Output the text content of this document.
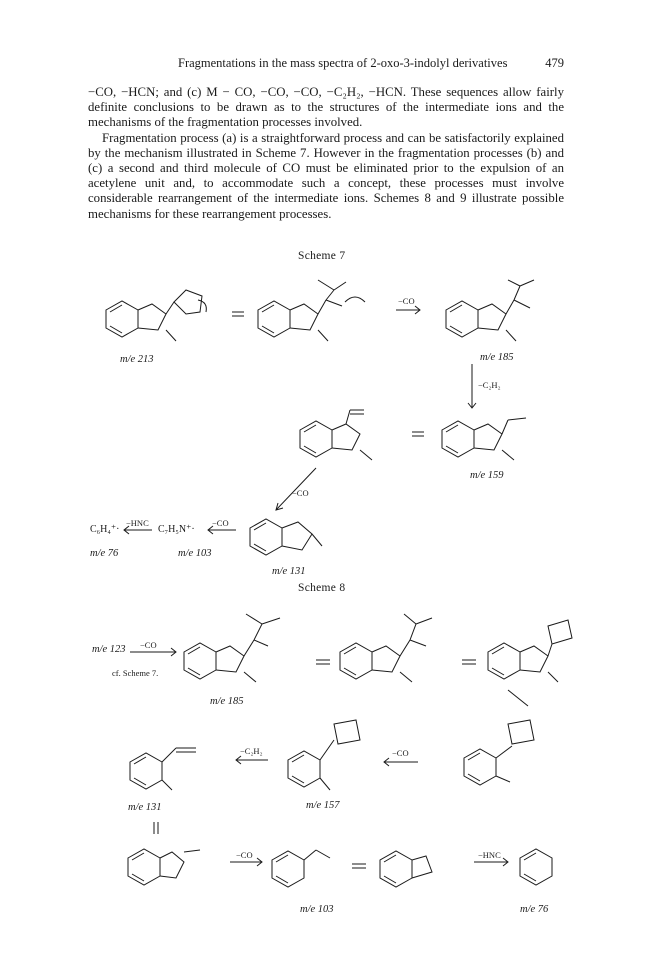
Fragmentations in the mass spectra of 2-oxo-3-indolyl derivatives	479

−CO, −HCN; and (c) M − CO, −CO, −CO, −C₂H₂, −HCN. These sequences allow fairly definite conclusions to be drawn as to the structures of the intermediate ions and the mechanisms of the fragmentation processes involved.

Fragmentation process (a) is a straightforward process and can be satisfactorily explained by the mechanism illustrated in Scheme 7. However in the fragmentation processes (b) and (c) a second and third molecule of CO must be eliminated prior to the expulsion of an acetylene unit and, to accommodate such a concept, these processes must involve considerable rearrangement of the intermediate ions. Schemes 8 and 9 illustrate possible mechanisms for these rearrangement processes.

Scheme 7
m/e 213	m/e 185
m/e 159
m/e 131
m/e 103
m/e 76
−CO
−C₂H₂
−CO
−CO
−HNC
C₇H₅N⁺·
C₆H₄⁺·
Scheme 8
m/e 123
cf. Scheme 7.
m/e 185
m/e 157
m/e 131
m/e 103	m/e 76
−CO
−C₂H₂	−CO
−CO	−HNC
